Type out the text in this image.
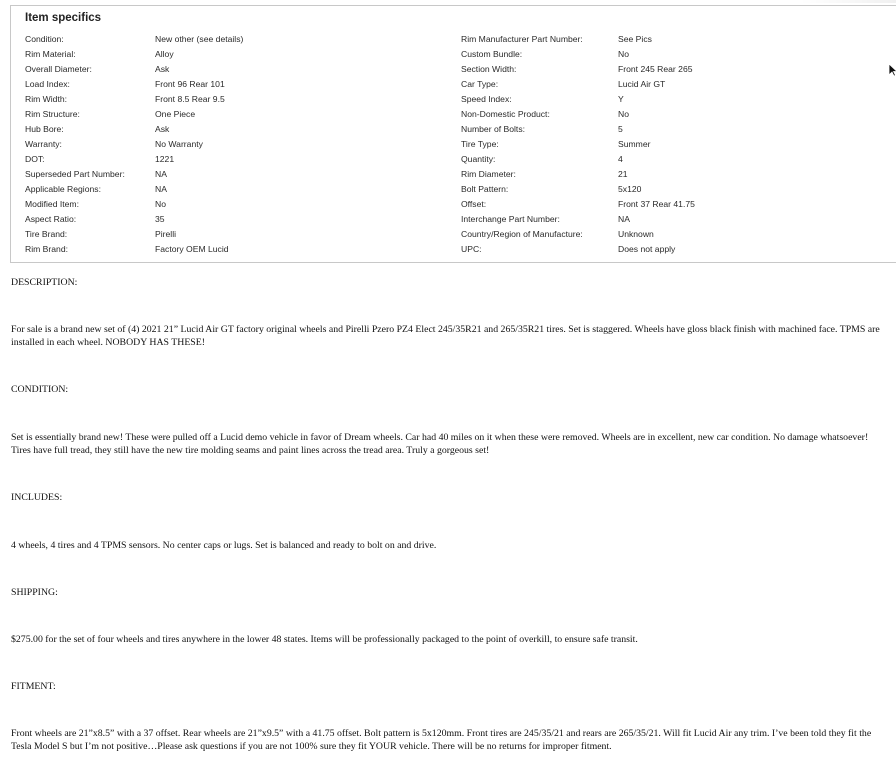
Item specifics
Condition:	New other (see details)
Rim Material:	Alloy
Overall Diameter:	Ask
Load Index:	Front 96 Rear 101
Rim Width:	Front 8.5 Rear 9.5
Rim Structure:	One Piece
Hub Bore:	Ask
Warranty:	No Warranty
DOT:	1221
Superseded Part Number:	NA
Applicable Regions:	NA
Modified Item:	No
Aspect Ratio:	35
Tire Brand:	Pirelli
Rim Brand:	Factory OEM Lucid
Rim Manufacturer Part Number:	See Pics
Custom Bundle:	No
Section Width:	Front 245 Rear 265
Car Type:	Lucid Air GT
Speed Index:	Y
Non-Domestic Product:	No
Number of Bolts:	5
Tire Type:	Summer
Quantity:	4
Rim Diameter:	21
Bolt Pattern:	5x120
Offset:	Front 37 Rear 41.75
Interchange Part Number:	NA
Country/Region of Manufacture:	Unknown
UPC:	Does not apply
DESCRIPTION:
For sale is a brand new set of (4) 2021 21” Lucid Air GT factory original wheels and Pirelli Pzero PZ4 Elect 245/35R21 and 265/35R21 tires. Set is staggered. Wheels have gloss black finish with machined face. TPMS are installed in each wheel. NOBODY HAS THESE!
CONDITION:
Set is essentially brand new! These were pulled off a Lucid demo vehicle in favor of Dream wheels. Car had 40 miles on it when these were removed. Wheels are in excellent, new car condition. No damage whatsoever! Tires have full tread, they still have the new tire molding seams and paint lines across the tread area. Truly a gorgeous set!
INCLUDES:
4 wheels, 4 tires and 4 TPMS sensors. No center caps or lugs. Set is balanced and ready to bolt on and drive.
SHIPPING:
$275.00 for the set of four wheels and tires anywhere in the lower 48 states. Items will be professionally packaged to the point of overkill, to ensure safe transit.
FITMENT:
Front wheels are 21”x8.5” with a 37 offset. Rear wheels are 21”x9.5” with a 41.75 offset. Bolt pattern is 5x120mm. Front tires are 245/35/21 and rears are 265/35/21. Will fit Lucid Air any trim. I’ve been told they fit the Tesla Model S but I’m not positive…Please ask questions if you are not 100% sure they fit YOUR vehicle. There will be no returns for improper fitment.
